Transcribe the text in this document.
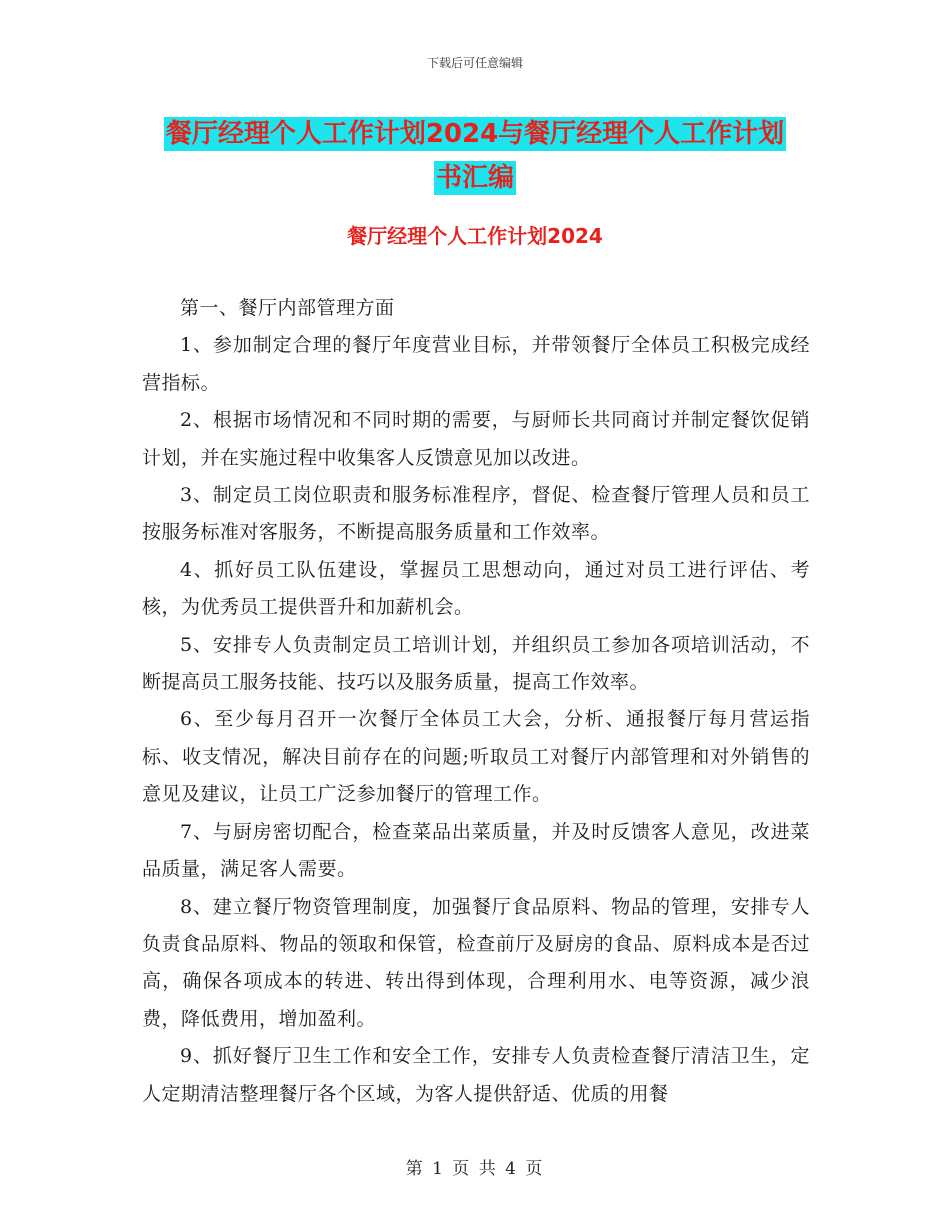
下载后可任意编辑
餐厅经理个人工作计划2024与餐厅经理个人工作计划
书汇编
餐厅经理个人工作计划2024

第一、餐厅内部管理方面

1、参加制定合理的餐厅年度营业目标，并带领餐厅全体员工积极完成经营指标。

2、根据市场情况和不同时期的需要，与厨师长共同商讨并制定餐饮促销计划，并在实施过程中收集客人反馈意见加以改进。

3、制定员工岗位职责和服务标准程序，督促、检查餐厅管理人员和员工按服务标准对客服务，不断提高服务质量和工作效率。

4、抓好员工队伍建设，掌握员工思想动向，通过对员工进行评估、考核，为优秀员工提供晋升和加薪机会。

5、安排专人负责制定员工培训计划，并组织员工参加各项培训活动，不断提高员工服务技能、技巧以及服务质量，提高工作效率。

6、至少每月召开一次餐厅全体员工大会，分析、通报餐厅每月营运指标、收支情况，解决目前存在的问题;听取员工对餐厅内部管理和对外销售的意见及建议，让员工广泛参加餐厅的管理工作。

7、与厨房密切配合，检查菜品出菜质量，并及时反馈客人意见，改进菜品质量，满足客人需要。

8、建立餐厅物资管理制度，加强餐厅食品原料、物品的管理，安排专人负责食品原料、物品的领取和保管，检查前厅及厨房的食品、原料成本是否过高，确保各项成本的转进、转出得到体现，合理利用水、电等资源，减少浪费，降低费用，增加盈利。

9、抓好餐厅卫生工作和安全工作，安排专人负责检查餐厅清洁卫生，定人定期清洁整理餐厅各个区域，为客人提供舒适、优质的用餐

第 1 页 共 4 页
